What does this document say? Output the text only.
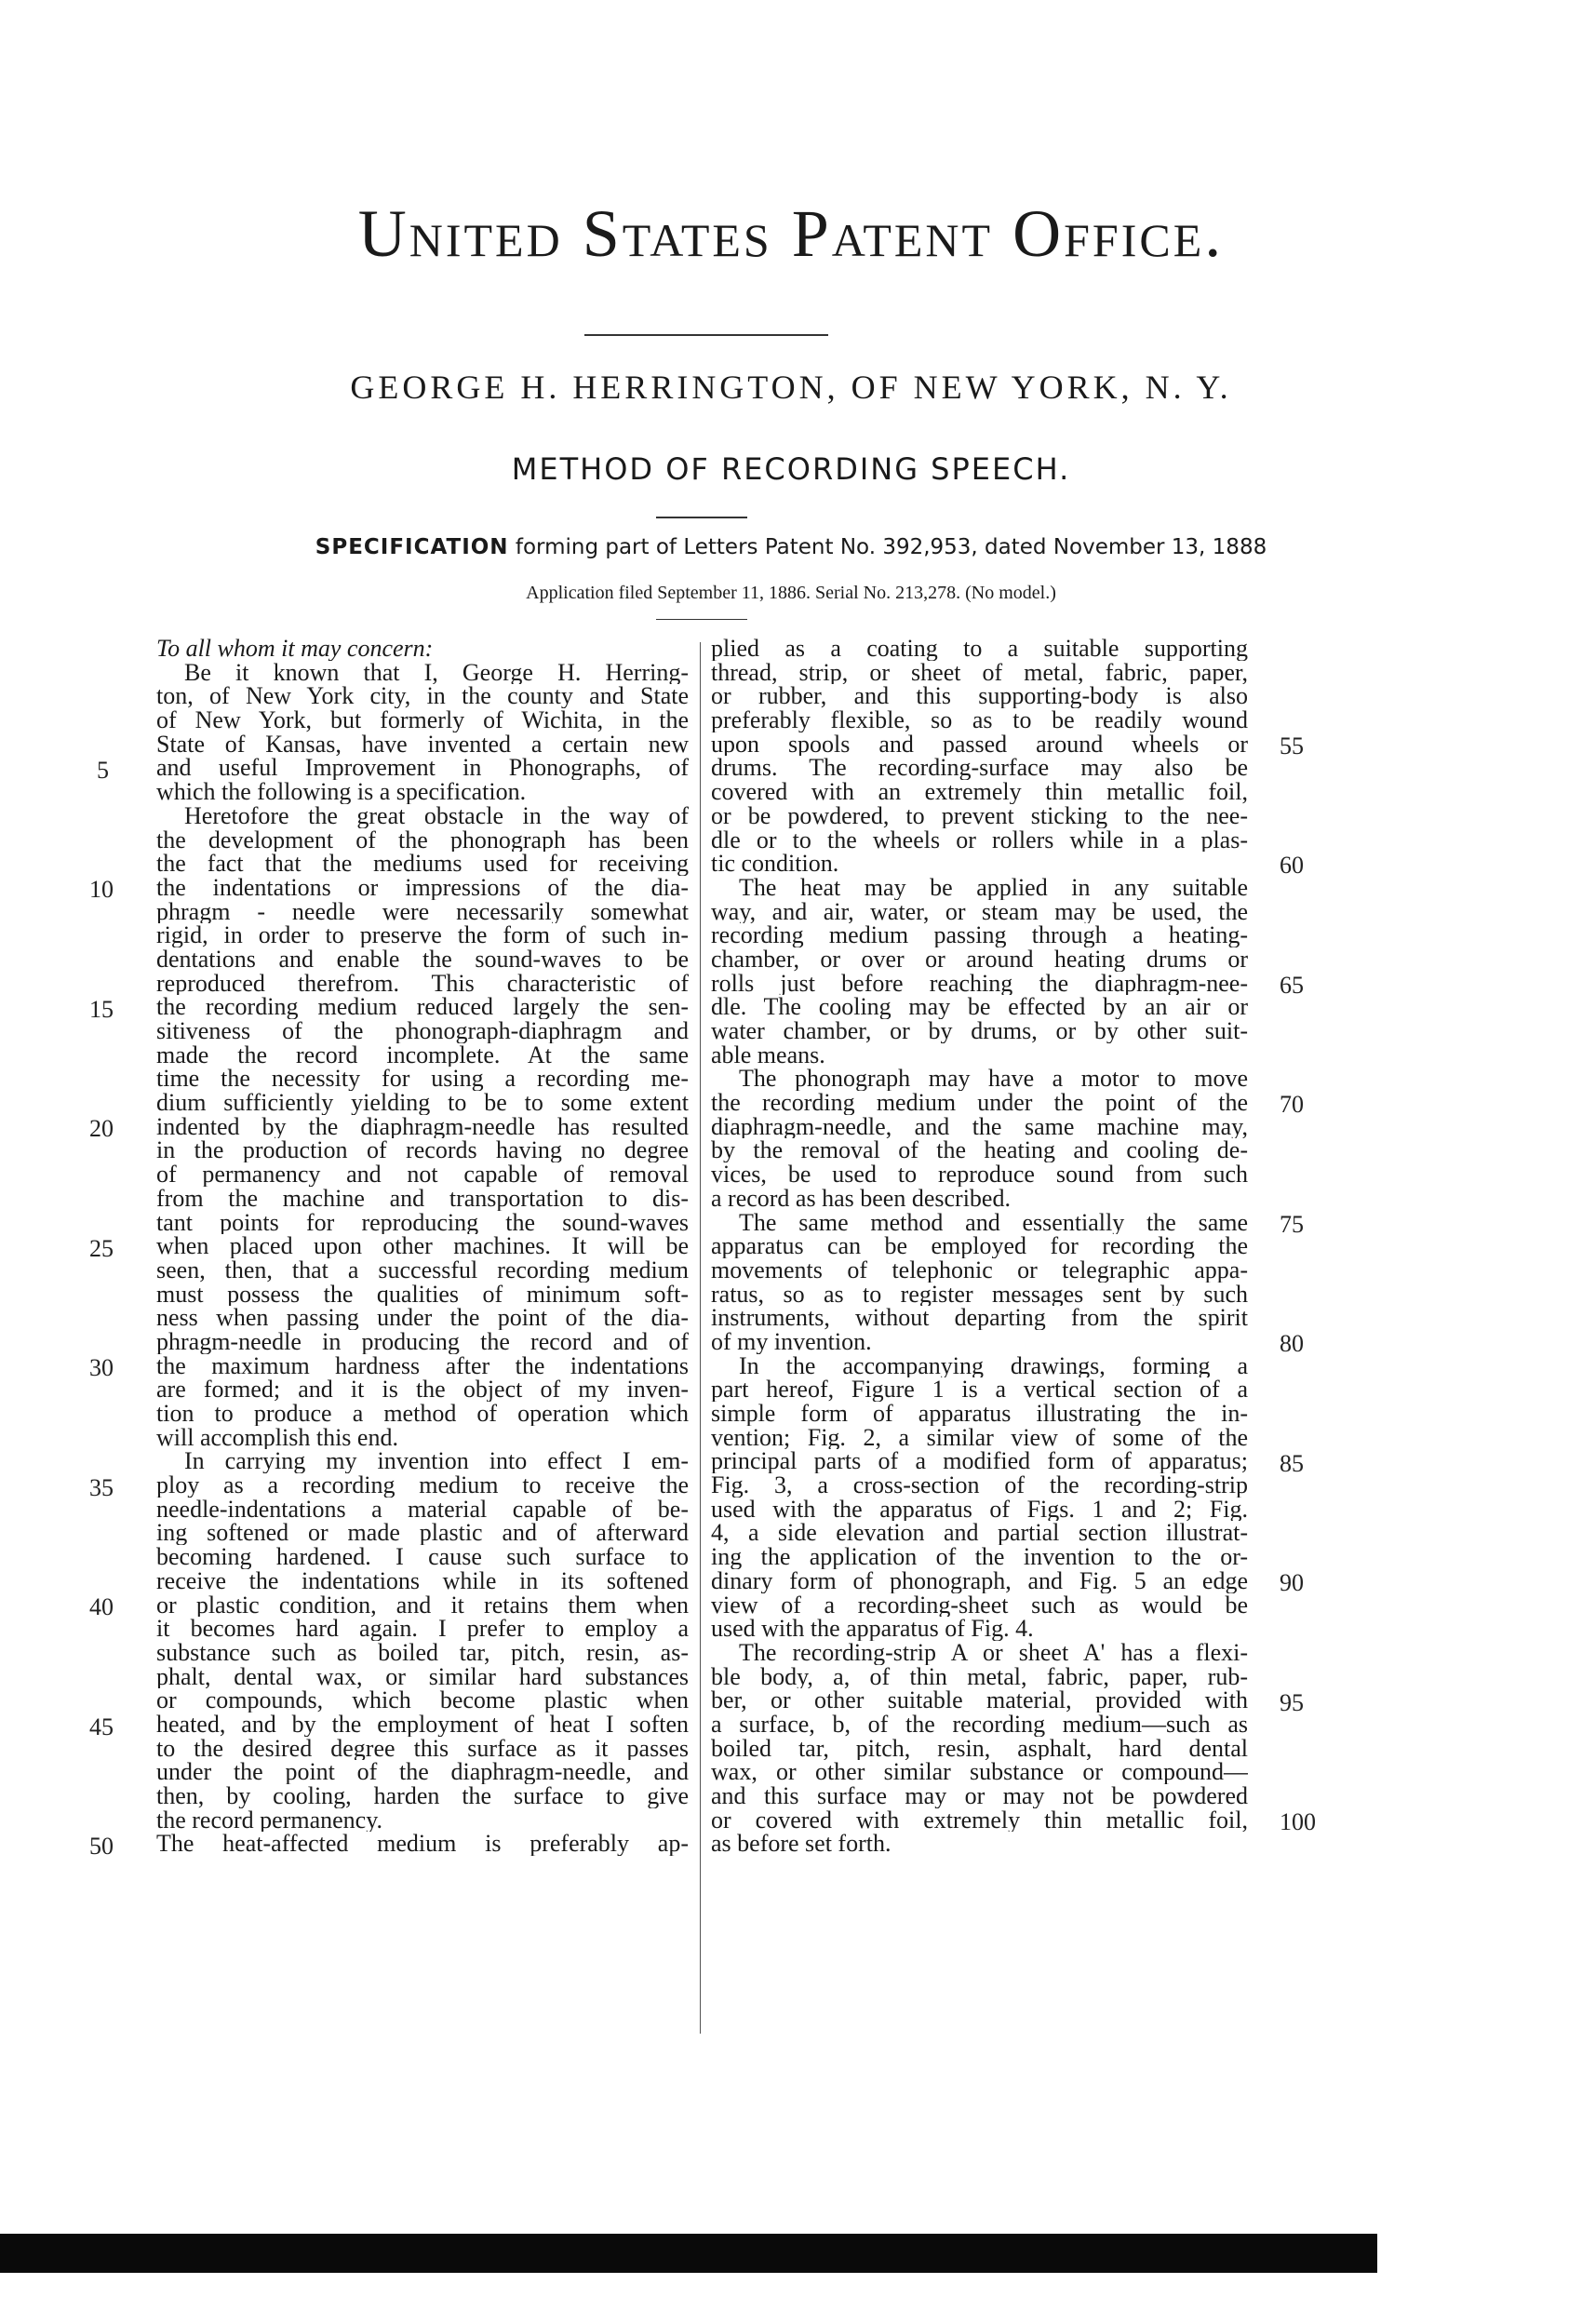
United States Patent Office.
GEORGE H. HERRINGTON, OF NEW YORK, N. Y.
METHOD OF RECORDING SPEECH.
SPECIFICATION forming part of Letters Patent No. 392,953, dated November 13, 1888
Application filed September 11, 1886. Serial No. 213,278. (No model.)
To all whom it may concern:
Be it known that I, George H. Herring-
ton, of New York city, in the county and State
of New York, but formerly of Wichita, in the
State of Kansas, have invented a certain new
and useful Improvement in Phonographs, of
which the following is a specification.
Heretofore the great obstacle in the way of
the development of the phonograph has been
the fact that the mediums used for receiving
the indentations or impressions of the dia-
phragm - needle were necessarily somewhat
rigid, in order to preserve the form of such in-
dentations and enable the sound-waves to be
reproduced therefrom. This characteristic of
the recording medium reduced largely the sen-
sitiveness of the phonograph-diaphragm and
made the record incomplete. At the same
time the necessity for using a recording me-
dium sufficiently yielding to be to some extent
indented by the diaphragm-needle has resulted
in the production of records having no degree
of permanency and not capable of removal
from the machine and transportation to dis-
tant points for reproducing the sound-waves
when placed upon other machines. It will be
seen, then, that a successful recording medium
must possess the qualities of minimum soft-
ness when passing under the point of the dia-
phragm-needle in producing the record and of
the maximum hardness after the indentations
are formed; and it is the object of my inven-
tion to produce a method of operation which
will accomplish this end.
In carrying my invention into effect I em-
ploy as a recording medium to receive the
needle-indentations a material capable of be-
ing softened or made plastic and of afterward
becoming hardened. I cause such surface to
receive the indentations while in its softened
or plastic condition, and it retains them when
it becomes hard again. I prefer to employ a
substance such as boiled tar, pitch, resin, as-
phalt, dental wax, or similar hard substances
or compounds, which become plastic when
heated, and by the employment of heat I soften
to the desired degree this surface as it passes
under the point of the diaphragm-needle, and
then, by cooling, harden the surface to give
the record permanency.
The heat-affected medium is preferably ap-
plied as a coating to a suitable supporting
thread, strip, or sheet of metal, fabric, paper,
or rubber, and this supporting-body is also
preferably flexible, so as to be readily wound
upon spools and passed around wheels or
drums. The recording-surface may also be
covered with an extremely thin metallic foil,
or be powdered, to prevent sticking to the nee-
dle or to the wheels or rollers while in a plas-
tic condition.
The heat may be applied in any suitable
way, and air, water, or steam may be used, the
recording medium passing through a heating-
chamber, or over or around heating drums or
rolls just before reaching the diaphragm-nee-
dle. The cooling may be effected by an air or
water chamber, or by drums, or by other suit-
able means.
The phonograph may have a motor to move
the recording medium under the point of the
diaphragm-needle, and the same machine may,
by the removal of the heating and cooling de-
vices, be used to reproduce sound from such
a record as has been described.
The same method and essentially the same
apparatus can be employed for recording the
movements of telephonic or telegraphic appa-
ratus, so as to register messages sent by such
instruments, without departing from the spirit
of my invention.
In the accompanying drawings, forming a
part hereof, Figure 1 is a vertical section of a
simple form of apparatus illustrating the in-
vention; Fig. 2, a similar view of some of the
principal parts of a modified form of apparatus;
Fig. 3, a cross-section of the recording-strip
used with the apparatus of Figs. 1 and 2; Fig.
4, a side elevation and partial section illustrat-
ing the application of the invention to the or-
dinary form of phonograph, and Fig. 5 an edge
view of a recording-sheet such as would be
used with the apparatus of Fig. 4.
The recording-strip A or sheet A' has a flexi-
ble body, a, of thin metal, fabric, paper, rub-
ber, or other suitable material, provided with
a surface, b, of the recording medium—such as
boiled tar, pitch, resin, asphalt, hard dental
wax, or other similar substance or compound—
and this surface may or may not be powdered
or covered with extremely thin metallic foil,
as before set forth.
5
10
15
20
25
30
35
40
45
50
55
60
65
70
75
80
85
90
95
100
